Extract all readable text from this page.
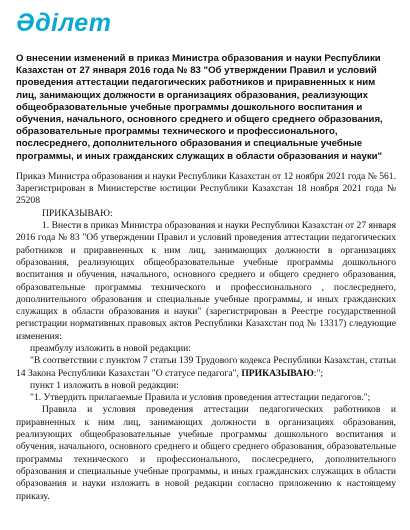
Әділет

О внесении изменений в приказ Министра образования и науки Республики Казахстан от 27 января 2016 года № 83 "Об утверждении Правил и условий проведения аттестации педагогических работников и приравненных к ним лиц, занимающих должности в организациях образования, реализующих общеобразовательные учебные программы дошкольного воспитания и обучения, начального, основного среднего и общего среднего образования, образовательные программы технического и профессионального, послесреднего, дополнительного образования и специальные учебные программы, и иных гражданских служащих в области образования и науки"

Приказ Министра образования и науки Республики Казахстан от 12 ноября 2021 года № 561. Зарегистрирован в Министерстве юстиции Республики Казахстан 18 ноября 2021 года № 25208

ПРИКАЗЫВАЮ:

1. Внести в приказ Министра образования и науки Республики Казахстан от 27 января 2016 года № 83 "Об утверждении Правил и условий проведения аттестации педагогических работников и приравненных к ним лиц, занимающих должности в организациях образования, реализующих общеобразовательные учебные программы дошкольного воспитания и обучения, начального, основного среднего и общего среднего образования, образовательные программы технического и профессионального , послесреднего, дополнительного образования и специальные учебные программы, и иных гражданских служащих в области образования и науки" (зарегистрирован в Реестре государственной регистрации нормативных правовых актов Республики Казахстан под № 13317) следующие изменения:

преамбулу изложить в новой редакции:

"В соответствии с пунктом 7 статьи 139 Трудового кодекса Республики Казахстан, статьи 14 Закона Республики Казахстан "О статусе педагога", ПРИКАЗЫВАЮ:";

пункт 1 изложить в новой редакции:

"1. Утвердить прилагаемые Правила и условия проведения аттестации педагогов.";

Правила и условия проведения аттестации педагогических работников и приравненных к ним лиц, занимающих должности в организациях образования, реализующих общеобразовательные учебные программы дошкольного воспитания и обучения, начального, основного среднего и общего среднего образования, образовательные программы технического и профессионального, послесреднего, дополнительного образования и специальные учебные программы, и иных гражданских служащих в области образования и науки изложить в новой редакции согласно приложению к настоящему приказу.
